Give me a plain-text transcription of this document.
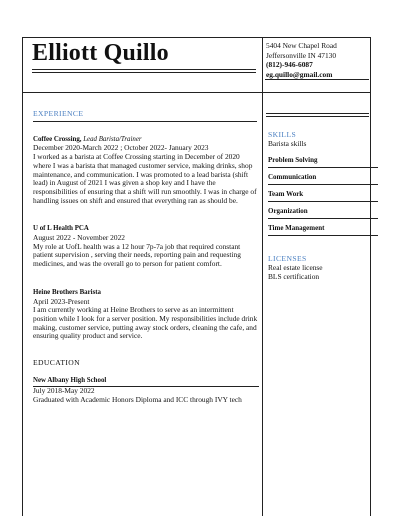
Elliott Quillo	5404 New Chapel Road
Jeffersonville IN 47130
(812)-946-6087
eg.quillo@gmail.com
EXPERIENCE
Coffee Crossing, Lead Barista/Trainer
December 2020-March 2022 ; October 2022- January 2023
I worked as a barista at Coffee Crossing starting in December of 2020 where I was a barista that managed customer service, making drinks, shop maintenance, and communication. I was promoted to a lead barista (shift lead) in August of 2021 I was given a shop key and I have the responsibilities of ensuring that a shift will run smoothly. I was in charge of handling issues on shift and ensured that everything ran as should be.
U of L Health PCA
August 2022 - November 2022
My role at UofL health was a 12 hour 7p-7a job that required constant patient supervision , serving their needs, reporting pain and requesting medicines, and was the overall go to person for patient comfort.
Heine Brothers Barista
April 2023-Present
I am currently working at Heine Brothers to serve as an intermittent position while I look for a server position. My responsibilities include drink making, customer service, putting away stock orders, cleaning the cafe, and ensuring quality product and service.
EDUCATION
New Albany High School
July 2018-May 2022
Graduated with Academic Honors Diploma and ICC through IVY tech
SKILLS
Barista skills
Problem Solving
Communication
Team Work
Organization
Time Management
LICENSES
Real estate license
BLS certification
